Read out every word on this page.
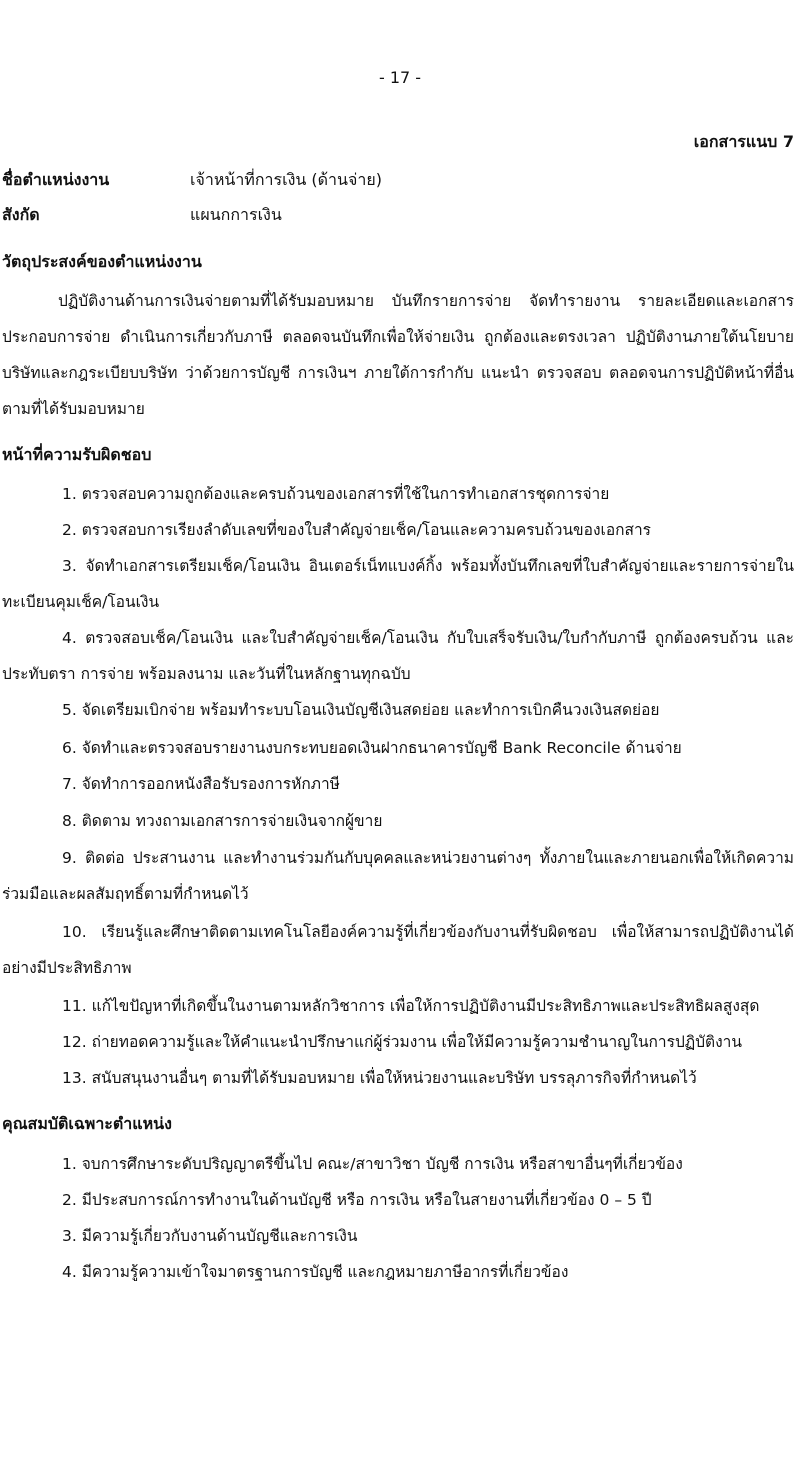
- 17 -
เอกสารแนบ 7
ชื่อตำแหน่งงาน	เจ้าหน้าที่การเงิน (ด้านจ่าย)
สังกัด	แผนกการเงิน
วัตถุประสงค์ของตำแหน่งงาน
ปฏิบัติงานด้านการเงินจ่ายตามที่ได้รับมอบหมาย บันทึกรายการจ่าย จัดทำรายงาน รายละเอียดและเอกสารประกอบการจ่าย ดำเนินการเกี่ยวกับภาษี ตลอดจนบันทึกเพื่อให้จ่ายเงิน ถูกต้องและตรงเวลา ปฏิบัติงานภายใต้นโยบายบริษัทและกฎระเบียบบริษัท ว่าด้วยการบัญชี การเงินฯ ภายใต้การกำกับ แนะนำ ตรวจสอบ ตลอดจนการปฏิบัติหน้าที่อื่นตามที่ได้รับมอบหมาย
หน้าที่ความรับผิดชอบ
1. ตรวจสอบความถูกต้องและครบถ้วนของเอกสารที่ใช้ในการทำเอกสารชุดการจ่าย
2. ตรวจสอบการเรียงลำดับเลขที่ของใบสำคัญจ่ายเช็ค/โอนและความครบถ้วนของเอกสาร
3. จัดทำเอกสารเตรียมเช็ค/โอนเงิน อินเตอร์เน็ทแบงค์กิ้ง พร้อมทั้งบันทึกเลขที่ใบสำคัญจ่ายและรายการจ่ายในทะเบียนคุมเช็ค/โอนเงิน
4. ตรวจสอบเช็ค/โอนเงิน และใบสำคัญจ่ายเช็ค/โอนเงิน กับใบเสร็จรับเงิน/ใบกำกับภาษี ถูกต้องครบถ้วน และประทับตรา การจ่าย พร้อมลงนาม และวันที่ในหลักฐานทุกฉบับ
5. จัดเตรียมเบิกจ่าย พร้อมทำระบบโอนเงินบัญชีเงินสดย่อย และทำการเบิกคืนวงเงินสดย่อย
6. จัดทำและตรวจสอบรายงานงบกระทบยอดเงินฝากธนาคารบัญชี Bank Reconcile ด้านจ่าย
7. จัดทำการออกหนังสือรับรองการหักภาษี
8. ติดตาม ทวงถามเอกสารการจ่ายเงินจากผู้ขาย
9. ติดต่อ ประสานงาน และทำงานร่วมกันกับบุคคลและหน่วยงานต่างๆ ทั้งภายในและภายนอกเพื่อให้เกิดความร่วมมือและผลสัมฤทธิ์ตามที่กำหนดไว้
10. เรียนรู้และศึกษาติดตามเทคโนโลยีองค์ความรู้ที่เกี่ยวข้องกับงานที่รับผิดชอบ เพื่อให้สามารถปฏิบัติงานได้อย่างมีประสิทธิภาพ
11. แก้ไขปัญหาที่เกิดขึ้นในงานตามหลักวิชาการ เพื่อให้การปฏิบัติงานมีประสิทธิภาพและประสิทธิผลสูงสุด
12. ถ่ายทอดความรู้และให้คำแนะนำปรึกษาแก่ผู้ร่วมงาน เพื่อให้มีความรู้ความชำนาญในการปฏิบัติงาน
13. สนับสนุนงานอื่นๆ ตามที่ได้รับมอบหมาย เพื่อให้หน่วยงานและบริษัท บรรลุภารกิจที่กำหนดไว้
คุณสมบัติเฉพาะตำแหน่ง
1. จบการศึกษาระดับปริญญาตรีขึ้นไป คณะ/สาขาวิชา บัญชี การเงิน หรือสาขาอื่นๆที่เกี่ยวข้อง
2. มีประสบการณ์การทำงานในด้านบัญชี หรือ การเงิน หรือในสายงานที่เกี่ยวข้อง 0 – 5 ปี
3. มีความรู้เกี่ยวกับงานด้านบัญชีและการเงิน
4. มีความรู้ความเข้าใจมาตรฐานการบัญชี และกฎหมายภาษีอากรที่เกี่ยวข้อง
